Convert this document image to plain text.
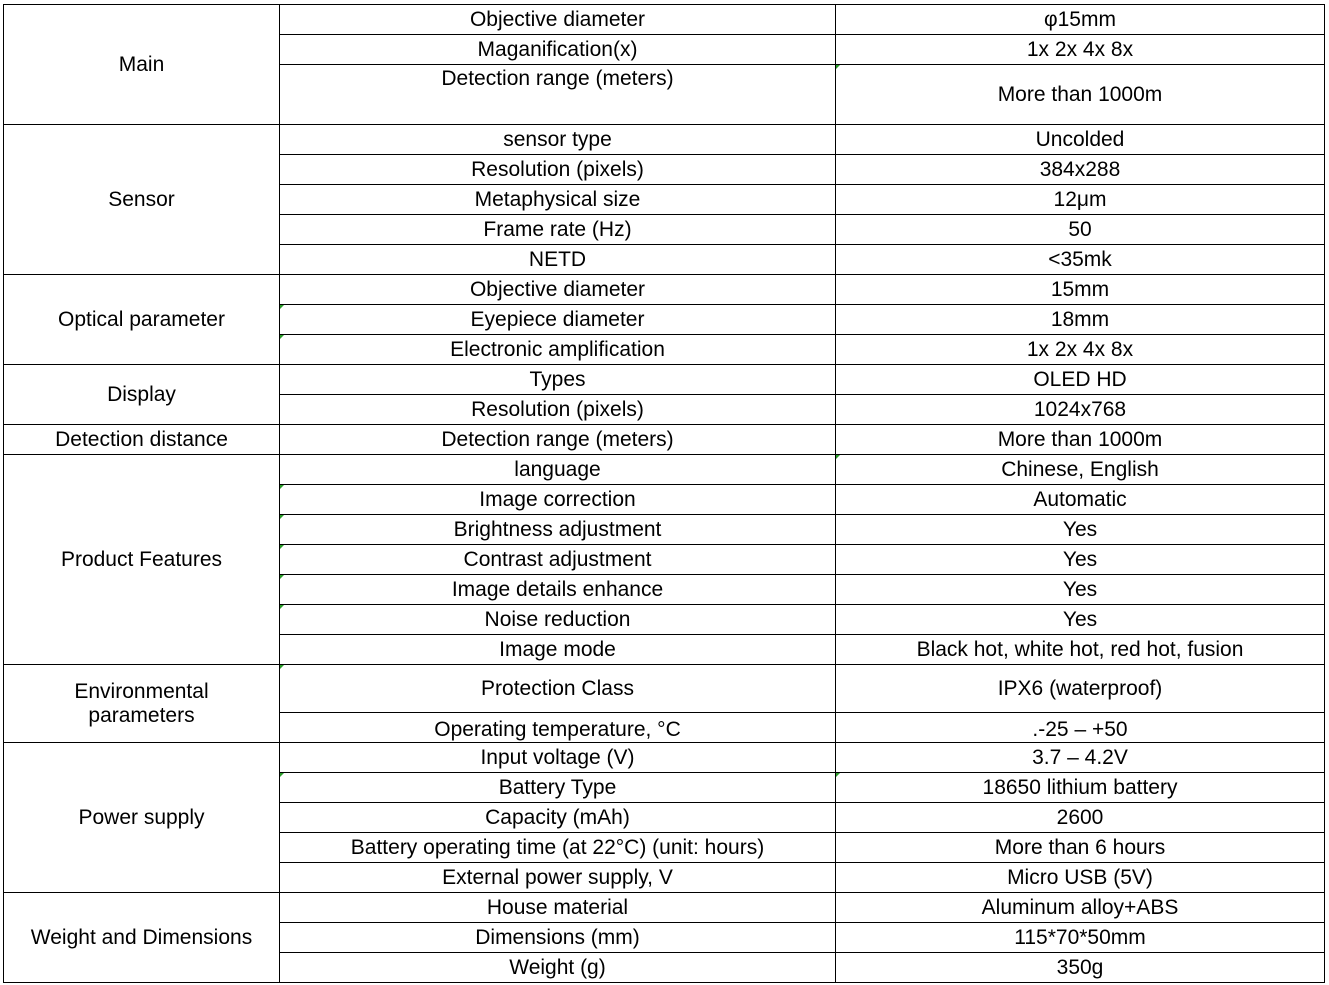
Main	Objective diameter	φ15mm
	Maganification(x)	1x 2x 4x 8x
	Detection range (meters)	More than 1000m
Sensor	sensor type	Uncolded
	Resolution (pixels)	384x288
	Metaphysical size	12μm
	Frame rate (Hz)	50
	NETD	<35mk
Optical parameter	Objective diameter	15mm
	Eyepiece diameter	18mm
	Electronic amplification	1x 2x 4x 8x
Display	Types	OLED HD
	Resolution (pixels)	1024x768
Detection distance	Detection range (meters)	More than 1000m
Product Features	language	Chinese, English
	Image correction	Automatic
	Brightness adjustment	Yes
	Contrast adjustment	Yes
	Image details enhance	Yes
	Noise reduction	Yes
	Image mode	Black hot, white hot, red hot, fusion
Environmental parameters	Protection Class	IPX6 (waterproof)
	Operating temperature, °C	.-25 – +50
Power supply	Input voltage (V)	3.7 – 4.2V
	Battery Type	18650 lithium battery
	Capacity (mAh)	2600
	Battery operating time (at 22°C) (unit: hours)	More than 6 hours
	External power supply, V	Micro USB (5V)
Weight and Dimensions	House material	Aluminum alloy+ABS
	Dimensions (mm)	115*70*50mm
	Weight (g)	350g
